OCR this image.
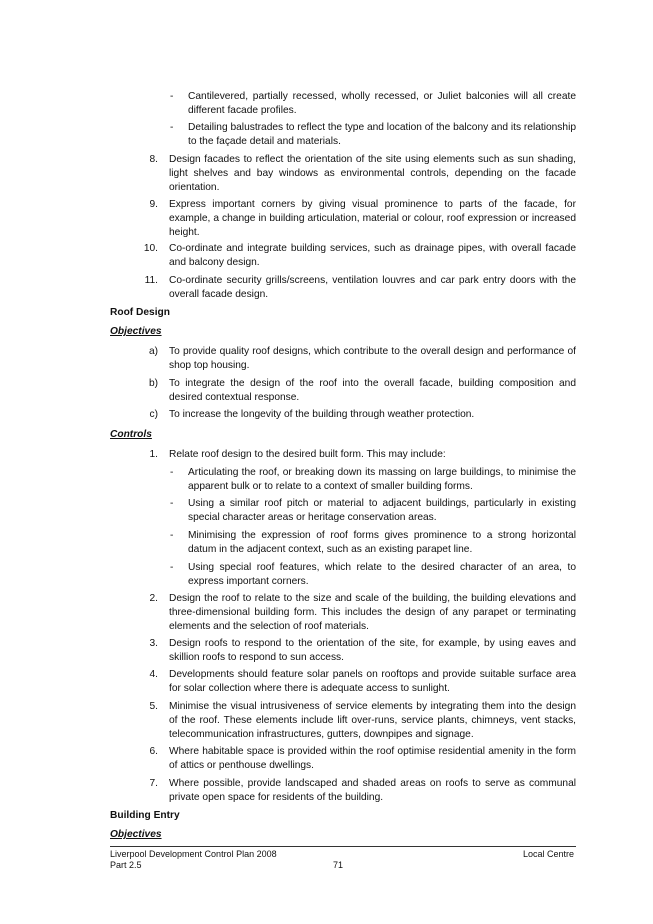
- Cantilevered, partially recessed, wholly recessed, or Juliet balconies will all create different facade profiles.
- Detailing balustrades to reflect the type and location of the balcony and its relationship to the façade detail and materials.
8. Design facades to reflect the orientation of the site using elements such as sun shading, light shelves and bay windows as environmental controls, depending on the facade orientation.
9. Express important corners by giving visual prominence to parts of the facade, for example, a change in building articulation, material or colour, roof expression or increased height.
10. Co-ordinate and integrate building services, such as drainage pipes, with overall facade and balcony design.
11. Co-ordinate security grills/screens, ventilation louvres and car park entry doors with the overall facade design.
Roof Design
Objectives
a) To provide quality roof designs, which contribute to the overall design and performance of shop top housing.
b) To integrate the design of the roof into the overall facade, building composition and desired contextual response.
c) To increase the longevity of the building through weather protection.
Controls
1. Relate roof design to the desired built form. This may include:
- Articulating the roof, or breaking down its massing on large buildings, to minimise the apparent bulk or to relate to a context of smaller building forms.
- Using a similar roof pitch or material to adjacent buildings, particularly in existing special character areas or heritage conservation areas.
- Minimising the expression of roof forms gives prominence to a strong horizontal datum in the adjacent context, such as an existing parapet line.
- Using special roof features, which relate to the desired character of an area, to express important corners.
2. Design the roof to relate to the size and scale of the building, the building elevations and three-dimensional building form. This includes the design of any parapet or terminating elements and the selection of roof materials.
3. Design roofs to respond to the orientation of the site, for example, by using eaves and skillion roofs to respond to sun access.
4. Developments should feature solar panels on rooftops and provide suitable surface area for solar collection where there is adequate access to sunlight.
5. Minimise the visual intrusiveness of service elements by integrating them into the design of the roof. These elements include lift over-runs, service plants, chimneys, vent stacks, telecommunication infrastructures, gutters, downpipes and signage.
6. Where habitable space is provided within the roof optimise residential amenity in the form of attics or penthouse dwellings.
7. Where possible, provide landscaped and shaded areas on roofs to serve as communal private open space for residents of the building.
Building Entry
Objectives
Liverpool Development Control Plan 2008
Part 2.5	71
Local Centre
